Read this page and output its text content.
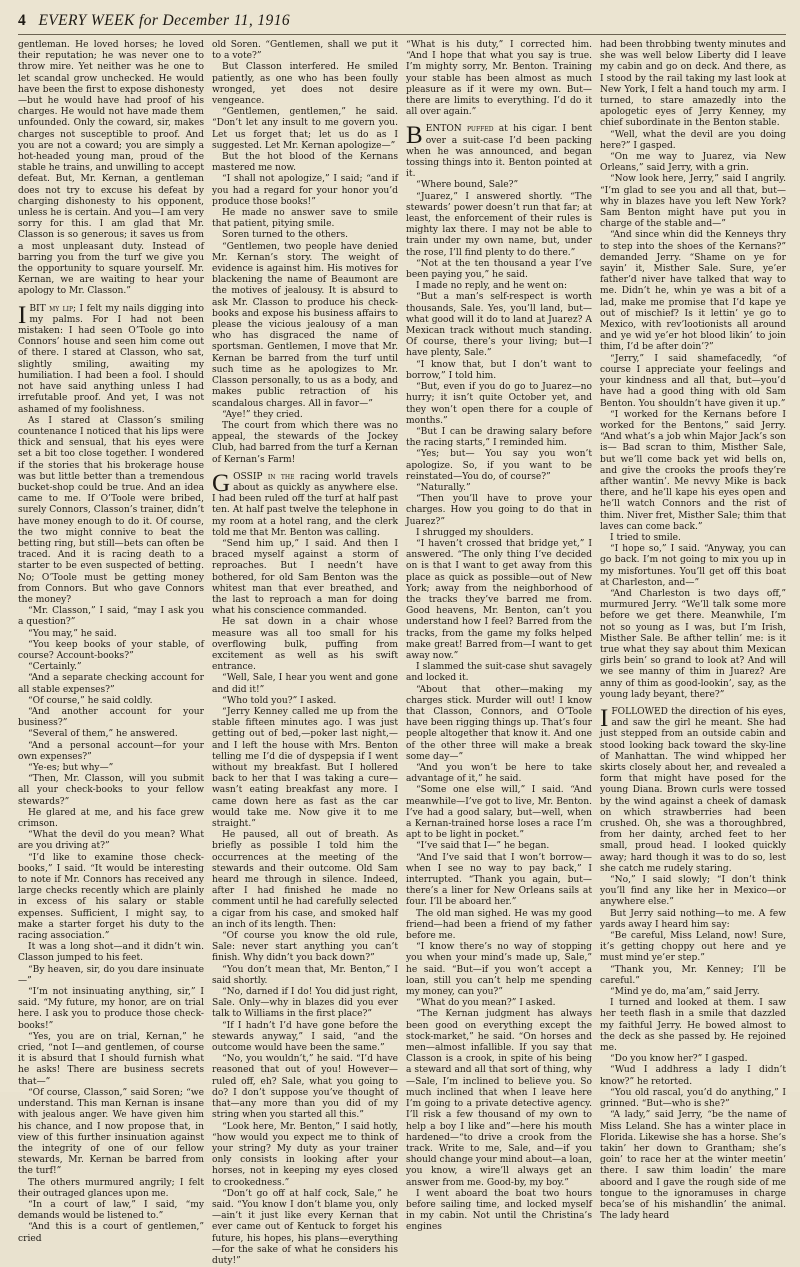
4 EVERY WEEK for December 11, 1916

gentleman. He loved horses; he loved their reputation; he was never one to throw mire. Yet neither was he one to let scandal grow unchecked. He would have been the first to expose dishonesty—but he would have had proof of his charges. He would not have made them unfounded. Only the coward, sir, makes charges not susceptible to proof. And you are not a coward; you are simply a hot-headed young man, proud of the stable he trains, and unwilling to accept defeat. But, Mr. Kernan, a gentleman does not try to excuse his defeat by charging dishonesty to his opponent, unless he is certain. And you—I am very sorry for this. I am glad that Mr. Classon is so generous; it saves us from a most unpleasant duty. Instead of barring you from the turf we give you the opportunity to square yourself. Mr. Kernan, we are waiting to hear your apology to Mr. Classon.”

I BIT my lip; I felt my nails digging into my palms. For I had not been mistaken: I had seen O’Toole go into Connors’ house and seen him come out of there. I stared at Classon, who sat, slightly smiling, awaiting my humiliation. I had been a fool. I should not have said anything unless I had irrefutable proof. And yet, I was not ashamed of my foolishness.

As I stared at Classon’s smiling countenance I noticed that his lips were thick and sensual, that his eyes were set a bit too close together. I wondered if the stories that his brokerage house was but little better than a tremendous bucket-shop could be true. And an idea came to me. If O’Toole were bribed, surely Connors, Classon’s trainer, didn’t have money enough to do it. Of course, the two might connive to beat the betting ring, but still—bets can often be traced. And it is racing death to a starter to be even suspected of betting. No; O’Toole must be getting money from Connors. But who gave Connors the money?

“Mr. Classon,” I said, “may I ask you a question?”

“You may,” he said.

“You keep books of your stable, of course? Account-books?”

“Certainly.”

“And a separate checking account for all stable expenses?”

“Of course,” he said coldly.

“And another account for your business?”

“Several of them,” he answered.

“And a personal account—for your own expenses?”

“Ye-es; but why—”

“Then, Mr. Classon, will you submit all your check-books to your fellow stewards?”

He glared at me, and his face grew crimson.

“What the devil do you mean? What are you driving at?”

“I’d like to examine those check-books,” I said. “It would be interesting to note if Mr. Connors has received any large checks recently which are plainly in excess of his salary or stable expenses. Sufficient, I might say, to make a starter forget his duty to the racing association.”

It was a long shot—and it didn’t win. Classon jumped to his feet.

“By heaven, sir, do you dare insinuate—”

“I’m not insinuating anything, sir,” I said. “My future, my honor, are on trial here. I ask you to produce those check-books!”

“Yes, you are on trial, Kernan,” he cried, “not I—and gentlemen, of course it is absurd that I should furnish what he asks! There are business secrets that—”

“Of course, Classon,” said Soren; “we understand. This man Kernan is insane with jealous anger. We have given him his chance, and I now propose that, in view of this further insinuation against the integrity of one of our fellow stewards, Mr. Kernan be barred from the turf!”

The others murmured angrily; I felt their outraged glances upon me.

“In a court of law,” I said, “my demands would be listened to.”

“And this is a court of gentlemen,” cried

old Soren. “Gentlemen, shall we put it to a vote?”

But Classon interfered. He smiled patiently, as one who has been foully wronged, yet does not desire vengeance.

“Gentlemen, gentlemen,” he said. “Don’t let any insult to me govern you. Let us forget that; let us do as I suggested. Let Mr. Kernan apologize—”

But the hot blood of the Kernans mastered me now.

“I shall not apologize,” I said; “and if you had a regard for your honor you’d produce those books!”

He made no answer save to smile that patient, pitying smile.

Soren turned to the others.

“Gentlemen, two people have denied Mr. Kernan’s story. The weight of evidence is against him. His motives for blackening the name of Beaumont are the motives of jealousy. It is absurd to ask Mr. Classon to produce his check-books and expose his business affairs to please the vicious jealousy of a man who has disgraced the name of sportsman. Gentlemen, I move that Mr. Kernan be barred from the turf until such time as he apologizes to Mr. Classon personally, to us as a body, and makes public retraction of his scandalous charges. All in favor—”

“Aye!” they cried.

The court from which there was no appeal, the stewards of the Jockey Club, had barred from the turf a Kernan of Kernan’s Farm!

GOSSIP in the racing world travels about as quickly as anywhere else. I had been ruled off the turf at half past ten. At half past twelve the telephone in my room at a hotel rang, and the clerk told me that Mr. Benton was calling.

“Send him up,” I said. And then I braced myself against a storm of reproaches. But I needn’t have bothered, for old Sam Benton was the whitest man that ever breathed, and the last to reproach a man for doing what his conscience commanded.

He sat down in a chair whose measure was all too small for his overflowing bulk, puffing from excitement as well as his swift entrance.

“Well, Sale, I hear you went and gone and did it!”

“Who told you?” I asked.

“Jerry Kenney called me up from the stable fifteen minutes ago. I was just getting out of bed,—poker last night,—and I left the house with Mrs. Benton telling me I’d die of dyspepsia if I went without my breakfast. But I hollered back to her that I was taking a cure—wasn’t eating breakfast any more. I came down here as fast as the car would take me. Now give it to me straight.”

He paused, all out of breath. As briefly as possible I told him the occurrences at the meeting of the stewards and their outcome. Old Sam heard me through in silence. Indeed, after I had finished he made no comment until he had carefully selected a cigar from his case, and smoked half an inch of its length. Then:

“Of course you know the old rule, Sale: never start anything you can’t finish. Why didn’t you back down?”

“You don’t mean that, Mr. Benton,” I said shortly.

“No, darned if I do! You did just right, Sale. Only—why in blazes did you ever talk to Williams in the first place?”

“If I hadn’t I’d have gone before the stewards anyway,” I said, “and the outcome would have been the same.”

“No, you wouldn’t,” he said. “I’d have reasoned that out of you! However—ruled off, eh? Sale, what you going to do? I don’t suppose you’ve thought of that—any more than you did of my string when you started all this.”

“Look here, Mr. Benton,” I said hotly, “how would you expect me to think of your string? My duty as your trainer only consists in looking after your horses, not in keeping my eyes closed to crookedness.”

“Don’t go off at half cock, Sale,” he said. “You know I don’t blame you, only—ain’t it just like every Kernan that ever came out of Kentuck to forget his future, his hopes, his plans—everything—for the sake of what he considers his duty!”

“What is his duty,” I corrected him. “And I hope that what you say is true. I’m mighty sorry, Mr. Benton. Training your stable has been almost as much pleasure as if it were my own. But—there are limits to everything. I’d do it all over again.”

BENTON puffed at his cigar. I bent over a suit-case I’d been packing when he was announced, and began tossing things into it. Benton pointed at it.

“Where bound, Sale?”

“Juarez,” I answered shortly. “The stewards’ power doesn’t run that far; at least, the enforcement of their rules is mighty lax there. I may not be able to train under my own name, but, under the rose, I’ll find plenty to do there.”

“Not at the ten thousand a year I’ve been paying you,” he said.

I made no reply, and he went on:

“But a man’s self-respect is worth thousands, Sale. Yes, you’ll land, but—what good will it do to land at Juarez? A Mexican track without much standing. Of course, there’s your living; but—I have plenty, Sale.”

“I know that, but I don’t want to borrow,” I told him.

“But, even if you do go to Juarez—no hurry; it isn’t quite October yet, and they won’t open there for a couple of months.”

“But I can be drawing salary before the racing starts,” I reminded him.

“Yes; but— You say you won’t apologize. So, if you want to be reinstated—You do, of course?”

“Naturally.”

“Then you’ll have to prove your charges. How you going to do that in Juarez?”

I shrugged my shoulders.

“I haven’t crossed that bridge yet,” I answered. “The only thing I’ve decided on is that I want to get away from this place as quick as possible—out of New York; away from the neighborhood of the tracks they’ve barred me from. Good heavens, Mr. Benton, can’t you understand how I feel? Barred from the tracks, from the game my folks helped make great! Barred from—I want to get away now.”

I slammed the suit-case shut savagely and locked it.

“About that other—making my charges stick. Murder will out! I know that Classon, Connors, and O’Toole have been rigging things up. That’s four people altogether that know it. And one of the other three will make a break some day—”

“And you won’t be here to take advantage of it,” he said.

“Some one else will,” I said. “And meanwhile—I’ve got to live, Mr. Benton. I’ve had a good salary, but—well, when a Kernan-trained horse loses a race I’m apt to be light in pocket.”

“I’ve said that I—” he began.

“And I’ve said that I won’t borrow—when I see no way to pay back,” I interrupted. “Thank you again, but—there’s a liner for New Orleans sails at four. I’ll be aboard her.”

The old man sighed. He was my good friend—had been a friend of my father before me.

“I know there’s no way of stopping you when your mind’s made up, Sale,” he said. “But—if you won’t accept a loan, still you can’t help me spending my money, can you?”

“What do you mean?” I asked.

“The Kernan judgment has always been good on everything except the stock-market,” he said. “On horses and men—almost infallible. If you say that Classon is a crook, in spite of his being a steward and all that sort of thing, why—Sale, I’m inclined to believe you. So much inclined that when I leave here I’m going to a private detective agency. I’ll risk a few thousand of my own to help a boy I like and”—here his mouth hardened—“to drive a crook from the track. Write to me, Sale, and—if you should change your mind about—a loan, you know, a wire’ll always get an answer from me. Good-by, my boy.”

I went aboard the boat two hours before sailing time, and locked myself in my cabin. Not until the Christina’s engines

had been throbbing twenty minutes and she was well below Liberty did I leave my cabin and go on deck. And there, as I stood by the rail taking my last look at New York, I felt a hand touch my arm. I turned, to stare amazedly into the apologetic eyes of Jerry Kenney, my chief subordinate in the Benton stable.

“Well, what the devil are you doing here?” I gasped.

“On me way to Juarez, via New Orleans,” said Jerry, with a grin.

“Now look here, Jerry,” said I angrily. “I’m glad to see you and all that, but—why in blazes have you left New York? Sam Benton might have put you in charge of the stable and—”

“And since whin did the Kenneys thry to step into the shoes of the Kernans?” demanded Jerry. “Shame on ye for sayin’ it, Misther Sale. Sure, ye’er father’d niver have talked that way to me. Didn’t he, whin ye was a bit of a lad, make me promise that I’d kape ye out of mischief? Is it lettin’ ye go to Mexico, with rev’lootionists all around and ye wid ye’er hot blood likin’ to join thim, I’d be after doin’?”

“Jerry,” I said shamefacedly, “of course I appreciate your feelings and your kindness and all that, but—you’d have had a good thing with old Sam Benton. You shouldn’t have given it up.”

“I worked for the Kernans before I worked for the Bentons,” said Jerry. “And what’s a job whin Major Jack’s son is— Bad scran to thim, Misther Sale, but we’ll come back yet wid bells on, and give the crooks the proofs they’re afther wantin’. Me nevvy Mike is back there, and he’ll kape his eyes open and he’ll watch Connors and the rist of thim. Niver fret, Misther Sale; thim that laves can come back.”

I tried to smile.

“I hope so,” I said. “Anyway, you can go back. I’m not going to mix you up in my misfortunes. You’ll get off this boat at Charleston, and—”

“And Charleston is two days off,” murmured Jerry. “We’ll talk some more before we get there. Meanwhile, I’m not so young as I was, but I’m Irish, Misther Sale. Be afther tellin’ me: is it true what they say about thim Mexican girls bein’ so grand to look at? And will we see manny of thim in Juarez? Are anny of thim as good-lookin’, say, as the young lady beyant, there?”

I FOLLOWED the direction of his eyes, and saw the girl he meant. She had just stepped from an outside cabin and stood looking back toward the sky-line of Manhattan. The wind whipped her skirts closely about her, and revealed a form that might have posed for the young Diana. Brown curls were tossed by the wind against a cheek of damask on which strawberries had been crushed. Oh, she was a thoroughbred, from her dainty, arched feet to her small, proud head. I looked quickly away; hard though it was to do so, lest she catch me rudely staring.

“No,” I said slowly; “I don’t think you’ll find any like her in Mexico—or anywhere else.”

But Jerry said nothing—to me. A few yards away I heard him say:

“Be careful, Miss Leland, now! Sure, it’s getting choppy out here and ye must mind ye’er step.”

“Thank you, Mr. Kenney; I’ll be careful.”

“Mind ye do, ma’am,” said Jerry.

I turned and looked at them. I saw her teeth flash in a smile that dazzled my faithful Jerry. He bowed almost to the deck as she passed by. He rejoined me.

“Do you know her?” I gasped.

“Wud I addhress a lady I didn’t know?” he retorted.

“You old rascal, you’d do anything,” I grinned. “But—who is she?”

“A lady,” said Jerry, “be the name of Miss Leland. She has a winter place in Florida. Likewise she has a horse. She’s takin’ her down to Grantham; she’s goin’ to race her at the winter meetin’ there. I saw thim loadin’ the mare aboord and I gave the rough side of me tongue to the ignoramuses in charge beca’se of his mishandlin’ the animal. The lady heard
